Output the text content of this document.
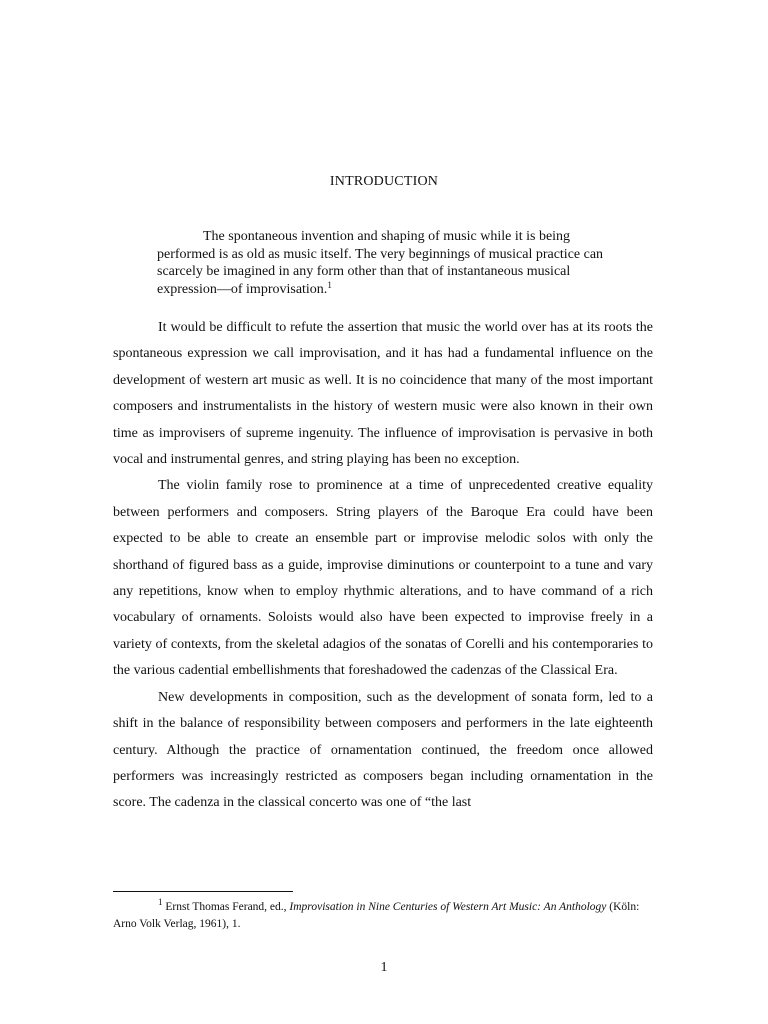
INTRODUCTION
The spontaneous invention and shaping of music while it is being performed is as old as music itself. The very beginnings of musical practice can scarcely be imagined in any form other than that of instantaneous musical expression—of improvisation.$^1$

It would be difficult to refute the assertion that music the world over has at its roots the spontaneous expression we call improvisation, and it has had a fundamental influence on the development of western art music as well. It is no coincidence that many of the most important composers and instrumentalists in the history of western music were also known in their own time as improvisers of supreme ingenuity. The influence of improvisation is pervasive in both vocal and instrumental genres, and string playing has been no exception.

The violin family rose to prominence at a time of unprecedented creative equality between performers and composers. String players of the Baroque Era could have been expected to be able to create an ensemble part or improvise melodic solos with only the shorthand of figured bass as a guide, improvise diminutions or counterpoint to a tune and vary any repetitions, know when to employ rhythmic alterations, and to have command of a rich vocabulary of ornaments. Soloists would also have been expected to improvise freely in a variety of contexts, from the skeletal adagios of the sonatas of Corelli and his contemporaries to the various cadential embellishments that foreshadowed the cadenzas of the Classical Era.

New developments in composition, such as the development of sonata form, led to a shift in the balance of responsibility between composers and performers in the late eighteenth century. Although the practice of ornamentation continued, the freedom once allowed performers was increasingly restricted as composers began including ornamentation in the score. The cadenza in the classical concerto was one of “the last

$^1$ Ernst Thomas Ferand, ed., Improvisation in Nine Centuries of Western Art Music: An Anthology (Köln: Arno Volk Verlag, 1961), 1.
1
